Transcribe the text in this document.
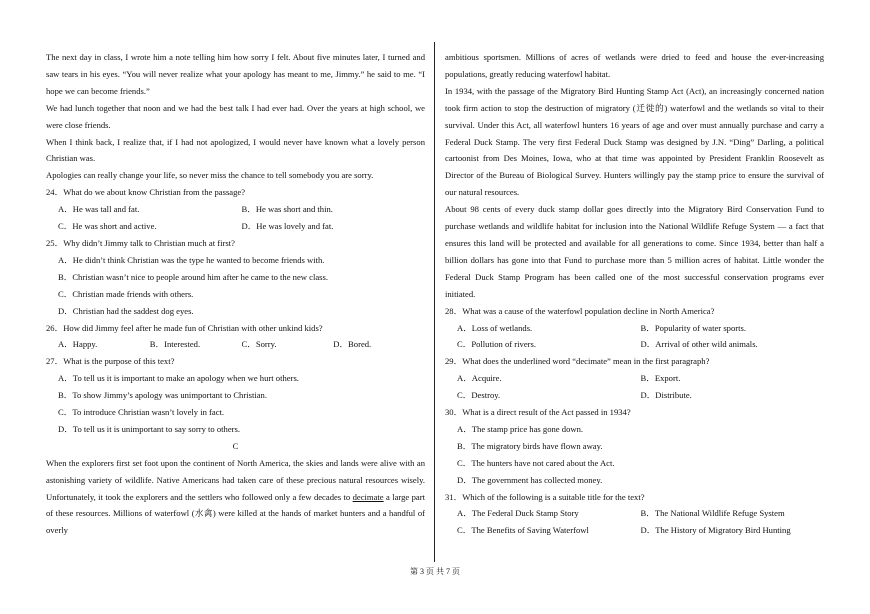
The next day in class, I wrote him a note telling him how sorry I felt. About five minutes later, I turned and saw tears in his eyes. “You will never realize what your apology has meant to me, Jimmy.” he said to me. “I hope we can become friends.”
We had lunch together that noon and we had the best talk I had ever had. Over the years at high school, we were close friends.
When I think back, I realize that, if I had not apologized, I would never have known what a lovely person Christian was.
Apologies can really change your life, so never miss the chance to tell somebody you are sorry.
24．What do we about know Christian from the passage?
A．He was tall and fat.	B．He was short and thin.
C．He was short and active.	D．He was lovely and fat.
25．Why didn’t Jimmy talk to Christian much at first?
A．He didn’t think Christian was the type he wanted to become friends with.
B．Christian wasn’t nice to people around him after he came to the new class.
C．Christian made friends with others.
D．Christian had the saddest dog eyes.
26．How did Jimmy feel after he made fun of Christian with other unkind kids?
A．Happy.	B．Interested.	C．Sorry.	D．Bored.
27．What is the purpose of this text?
A．To tell us it is important to make an apology when we hurt others.
B．To show Jimmy’s apology was unimportant to Christian.
C．To introduce Christian wasn’t lovely in fact.
D．To tell us it is unimportant to say sorry to others.
C
When the explorers first set foot upon the continent of North America, the skies and lands were alive with an astonishing variety of wildlife. Native Americans had taken care of these precious natural resources wisely. Unfortunately, it took the explorers and the settlers who followed only a few decades to decimate a large part of these resources. Millions of waterfowl (水禽) were killed at the hands of market hunters and a handful of overly
ambitious sportsmen. Millions of acres of wetlands were dried to feed and house the ever-increasing populations, greatly reducing waterfowl habitat.
In 1934, with the passage of the Migratory Bird Hunting Stamp Act (Act), an increasingly concerned nation took firm action to stop the destruction of migratory (迁徙的) waterfowl and the wetlands so vital to their survival. Under this Act, all waterfowl hunters 16 years of age and over must annually purchase and carry a Federal Duck Stamp. The very first Federal Duck Stamp was designed by J.N. “Ding” Darling, a political cartoonist from Des Moines, Iowa, who at that time was appointed by President Franklin Roosevelt as Director of the Bureau of Biological Survey. Hunters willingly pay the stamp price to ensure the survival of our natural resources.
About 98 cents of every duck stamp dollar goes directly into the Migratory Bird Conservation Fund to purchase wetlands and wildlife habitat for inclusion into the National Wildlife Refuge System — a fact that ensures this land will be protected and available for all generations to come. Since 1934, better than half a billion dollars has gone into that Fund to purchase more than 5 million acres of habitat. Little wonder the Federal Duck Stamp Program has been called one of the most successful conservation programs ever initiated.
28．What was a cause of the waterfowl population decline in North America?
A．Loss of wetlands.	B．Popularity of water sports.
C．Pollution of rivers.	D．Arrival of other wild animals.
29．What does the underlined word “decimate” mean in the first paragraph?
A．Acquire.	B．Export.
C．Destroy.	D．Distribute.
30．What is a direct result of the Act passed in 1934?
A．The stamp price has gone down.
B．The migratory birds have flown away.
C．The hunters have not cared about the Act.
D．The government has collected money.
31．Which of the following is a suitable title for the text?
A．The Federal Duck Stamp Story	B．The National Wildlife Refuge System
C．The Benefits of Saving Waterfowl	D．The History of Migratory Bird Hunting
第 3 页 共 7 页
